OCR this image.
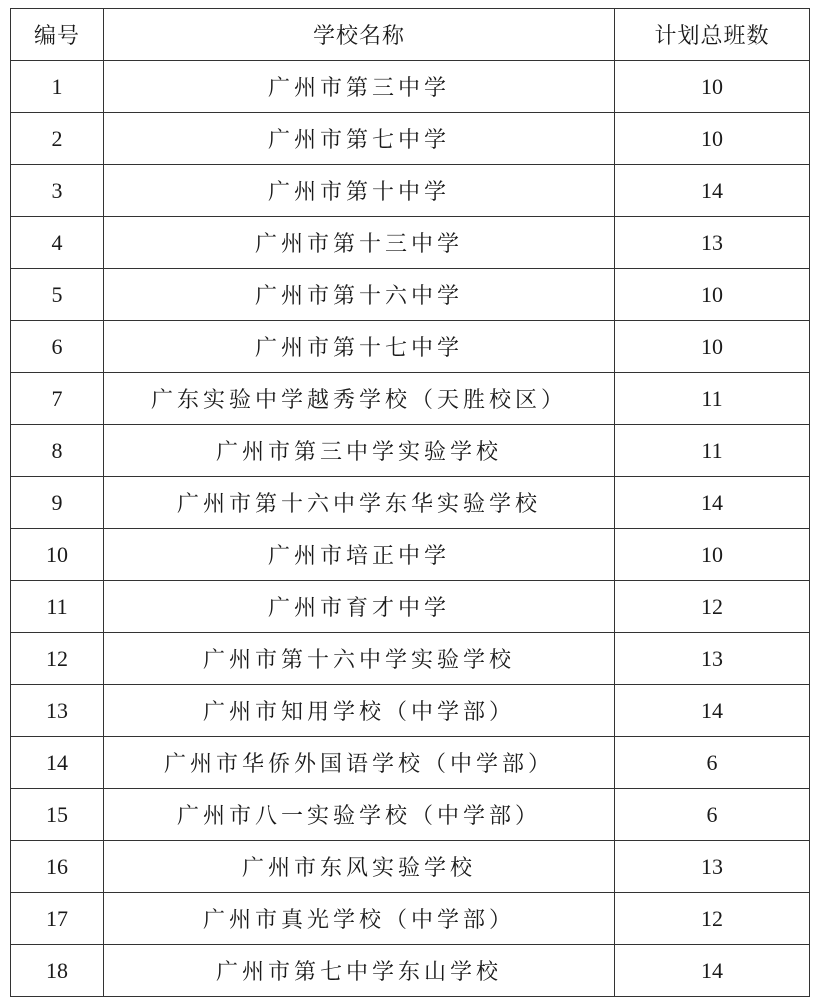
编号	学校名称	计划总班数
1	广州市第三中学	10
2	广州市第七中学	10
3	广州市第十中学	14
4	广州市第十三中学	13
5	广州市第十六中学	10
6	广州市第十七中学	10
7	广东实验中学越秀学校（天胜校区）	11
8	广州市第三中学实验学校	11
9	广州市第十六中学东华实验学校	14
10	广州市培正中学	10
11	广州市育才中学	12
12	广州市第十六中学实验学校	13
13	广州市知用学校（中学部）	14
14	广州市华侨外国语学校（中学部）	6
15	广州市八一实验学校（中学部）	6
16	广州市东风实验学校	13
17	广州市真光学校（中学部）	12
18	广州市第七中学东山学校	14
